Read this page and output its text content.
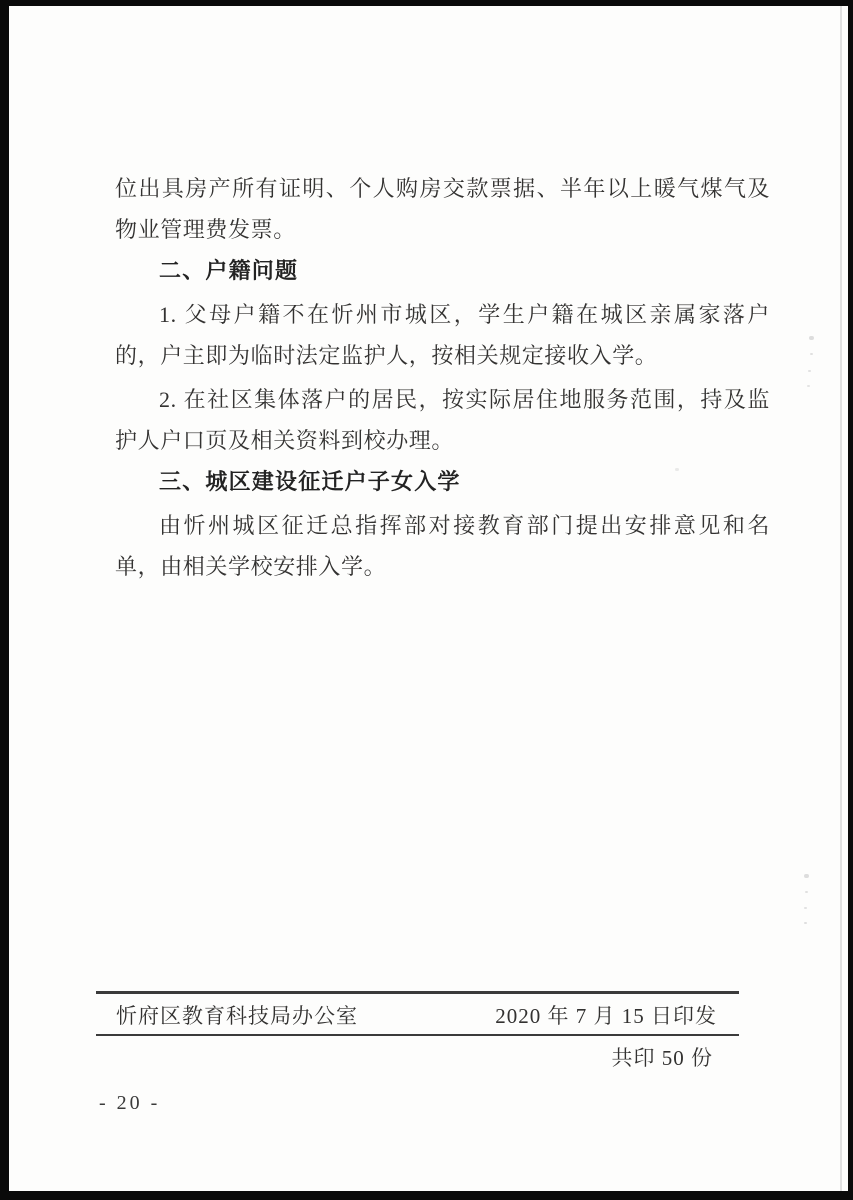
位出具房产所有证明、个人购房交款票据、半年以上暖气煤气及
物业管理费发票。
二、户籍问题
1. 父母户籍不在忻州市城区，学生户籍在城区亲属家落户
的，户主即为临时法定监护人，按相关规定接收入学。
2. 在社区集体落户的居民，按实际居住地服务范围，持及监
护人户口页及相关资料到校办理。
三、城区建设征迁户子女入学
由忻州城区征迁总指挥部对接教育部门提出安排意见和名
单，由相关学校安排入学。
忻府区教育科技局办公室	2020 年 7 月 15 日印发
共印 50 份
- 20 -
